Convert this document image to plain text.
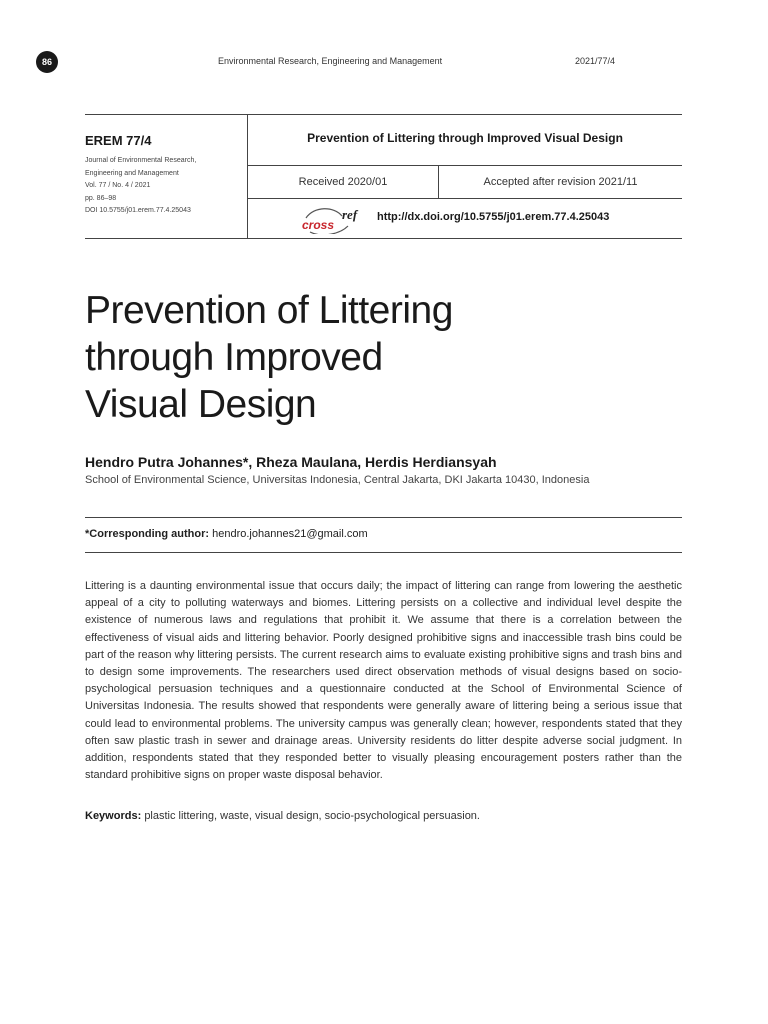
86	Environmental Research, Engineering and Management	2021/77/4
EREM 77/4
Journal of Environmental Research,
Engineering and Management
Vol. 77 / No. 4 / 2021
pp. 86–98
DOI 10.5755/j01.erem.77.4.25043
Prevention of Littering through Improved Visual Design
Received 2020/01	Accepted after revision 2021/11
cross
ref http://dx.doi.org/10.5755/j01.erem.77.4.25043
Prevention of Littering
through Improved
Visual Design
Hendro Putra Johannes*, Rheza Maulana, Herdis Herdiansyah
School of Environmental Science, Universitas Indonesia, Central Jakarta, DKI Jakarta 10430, Indonesia
*Corresponding author: hendro.johannes21@gmail.com
Littering is a daunting environmental issue that occurs daily; the impact of littering can range from lowering the aesthetic appeal of a city to polluting waterways and biomes. Littering persists on a collective and individual level despite the existence of numerous laws and regulations that prohibit it. We assume that there is a correlation between the effectiveness of visual aids and littering behavior. Poorly designed prohibitive signs and inaccessible trash bins could be part of the reason why littering persists. The current research aims to evaluate existing prohibitive signs and trash bins and to design some improvements. The researchers used direct observation methods of visual designs based on socio-psychological persuasion techniques and a questionnaire conducted at the School of Environmental Science of Universitas Indonesia. The results showed that respondents were generally aware of littering being a serious issue that could lead to environmental problems. The university campus was generally clean; however, respondents stated that they often saw plastic trash in sewer and drainage areas. University residents do litter despite adverse social judgment. In addition, respondents stated that they responded better to visually pleasing encouragement posters rather than the standard prohibitive signs on proper waste disposal behavior.
Keywords: plastic littering, waste, visual design, socio-psychological persuasion.
